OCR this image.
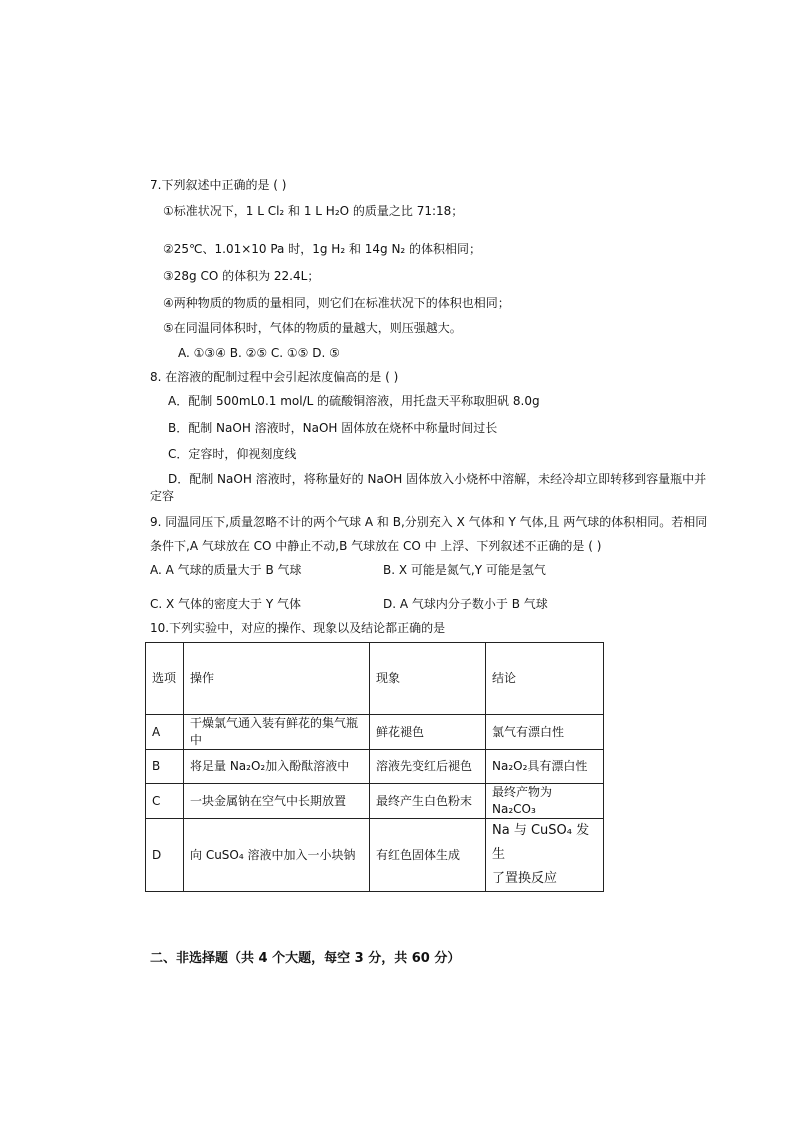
7.下列叙述中正确的是 ( )
①标准状况下，1 L Cl₂ 和 1 L H₂O 的质量之比 71:18；
②25℃、1.01×10 Pa 时，1g H₂ 和 14g N₂ 的体积相同；
③28g CO 的体积为 22.4L；
④两种物质的物质的量相同，则它们在标准状况下的体积也相同；
⑤在同温同体积时，气体的物质的量越大，则压强越大。
A. ①③④ B. ②⑤ C. ①⑤ D. ⑤
8. 在溶液的配制过程中会引起浓度偏高的是 ( )
A．配制 500mL0.1 mol/L 的硫酸铜溶液，用托盘天平称取胆矾 8.0g
B．配制 NaOH 溶液时，NaOH 固体放在烧杯中称量时间过长
C．定容时，仰视刻度线
D．配制 NaOH 溶液时，将称量好的 NaOH 固体放入小烧杯中溶解，未经冷却立即转移到容量瓶中并
定容
9. 同温同压下,质量忽略不计的两个气球 A 和 B,分别充入 X 气体和 Y 气体,且 两气球的体积相同。若相同
条件下,A 气球放在 CO 中静止不动,B 气球放在 CO 中 上浮、下列叙述不正确的是 ( )
A. A 气球的质量大于 B 气球	B. X 可能是氮气,Y 可能是氢气
C. X 气体的密度大于 Y 气体	D. A 气球内分子数小于 B 气球
10.下列实验中，对应的操作、现象以及结论都正确的是
选项	操作	现象	结论
A	干燥氯气通入装有鲜花的集气瓶中	鲜花褪色	氯气有漂白性
B	将足量 Na₂O₂加入酚酞溶液中	溶液先变红后褪色	Na₂O₂具有漂白性
C	一块金属钠在空气中长期放置	最终产生白色粉末	最终产物为 Na₂CO₃
D	向 CuSO₄ 溶液中加入一小块钠	有红色固体生成	Na 与 CuSO₄ 发生
了置换反应
二、非选择题（共 4 个大题，每空 3 分，共 60 分）
